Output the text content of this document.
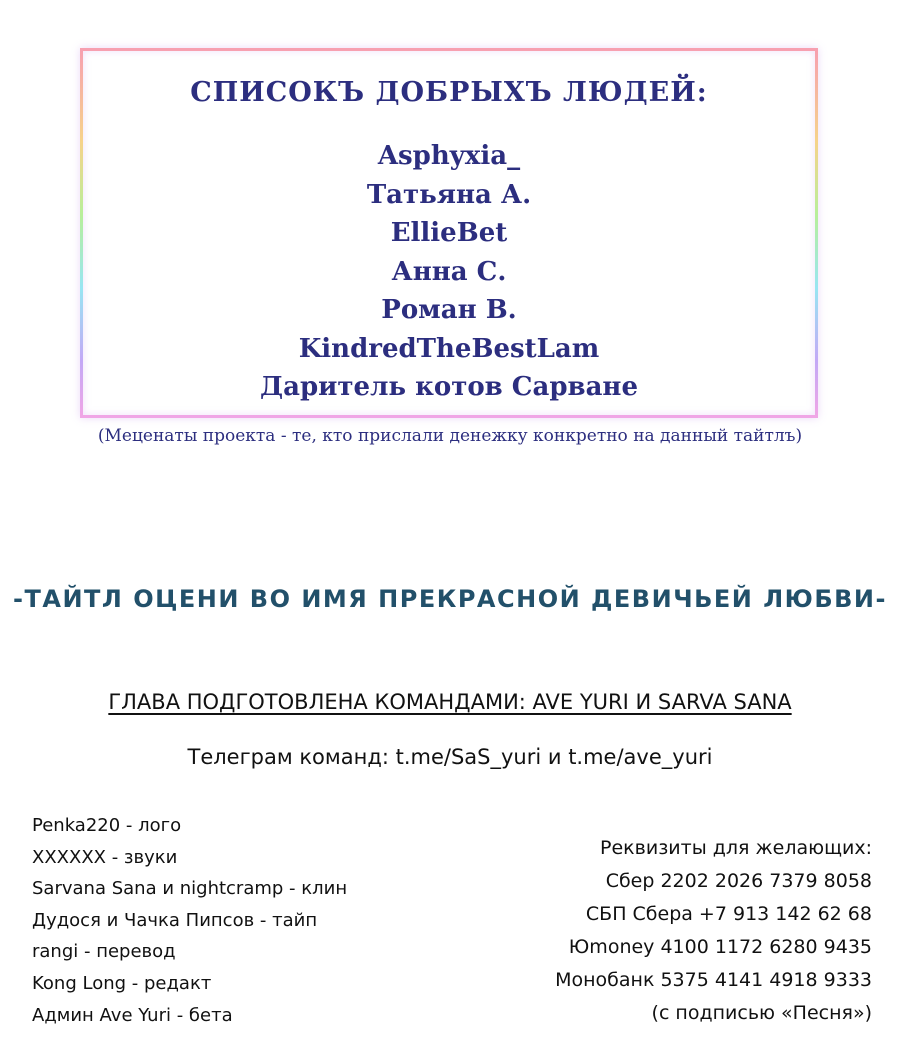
СПИСОКЪ ДОБРЫХЪ ЛЮДЕЙ:
Asphyxia_
Татьяна А.
EllieBet
Анна С.
Роман В.
KindredTheBestLam
Даритель котов Сарване
(Меценаты проекта - те, кто прислали денежку конкретно на данный тайтлъ)
-ТАЙТЛ ОЦЕНИ ВО ИМЯ ПРЕКРАСНОЙ ДЕВИЧЬЕЙ ЛЮБВИ-
ГЛАВА ПОДГОТОВЛЕНА КОМАНДАМИ: AVE YURI И SARVA SANA
Телеграм команд: t.me/SaS_yuri и t.me/ave_yuri
Penka220 - лого
XXXXXX - звуки
Sarvana Sana и nightcramp - клин
Дудося и Чачка Пипсов - тайп
rangi - перевод
Kong Long - редакт
Админ Ave Yuri - бета
Реквизиты для желающих:
Сбер 2202 2026 7379 8058
СБП Сбера +7 913 142 62 68
Юmoney 4100 1172 6280 9435
Монобанк 5375 4141 4918 9333
(с подписью «Песня»)
